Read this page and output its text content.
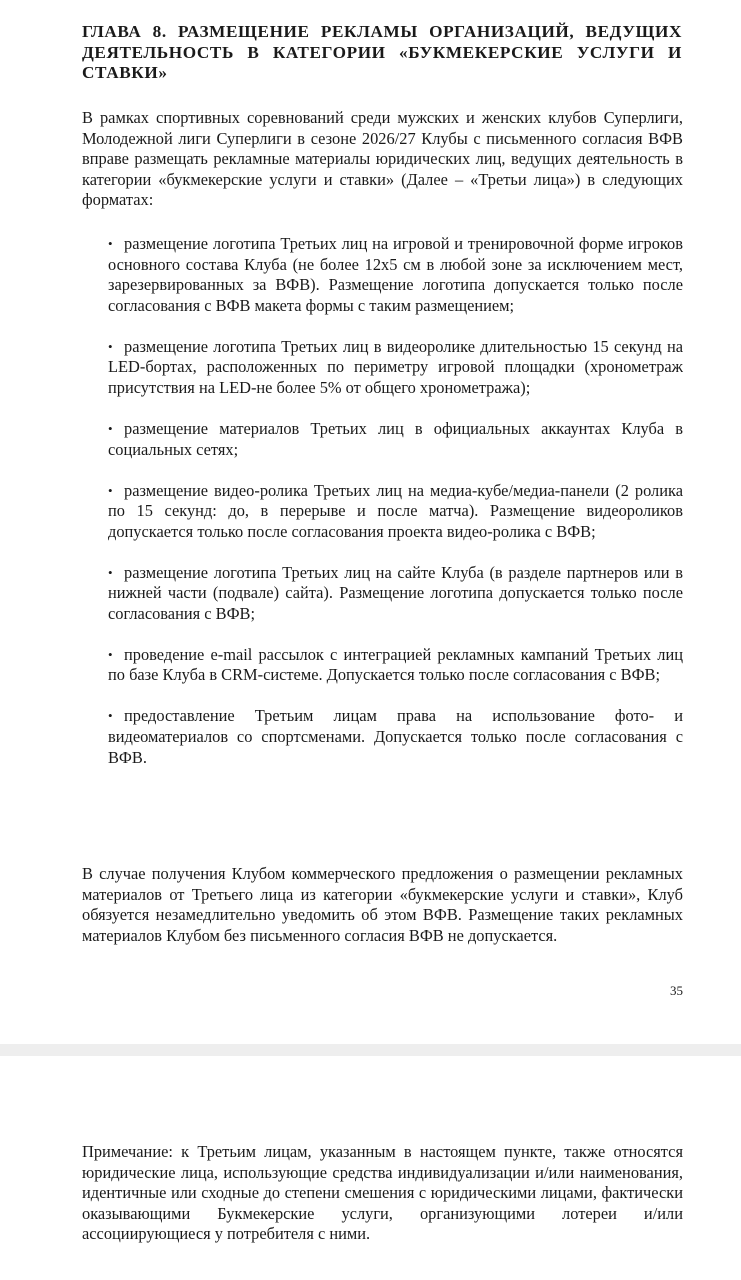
ГЛАВА 8. РАЗМЕЩЕНИЕ РЕКЛАМЫ ОРГАНИЗАЦИЙ, ВЕДУЩИХ ДЕЯТЕЛЬНОСТЬ В КАТЕГОРИИ «БУКМЕКЕРСКИЕ УСЛУГИ И СТАВКИ»

В рамках спортивных соревнований среди мужских и женских клубов Суперлиги, Молодежной лиги Суперлиги в сезоне 2026/27 Клубы с письменного согласия ВФВ вправе размещать рекламные материалы юридических лиц, ведущих деятельность в категории «букмекерские услуги и ставки» (Далее – «Третьи лица») в следующих форматах:

• размещение логотипа Третьих лиц на игровой и тренировочной форме игроков основного состава Клуба (не более 12х5 см в любой зоне за исключением мест, зарезервированных за ВФВ). Размещение логотипа допускается только после согласования с ВФВ макета формы с таким размещением;
• размещение логотипа Третьих лиц в видеоролике длительностью 15 секунд на LED-бортах, расположенных по периметру игровой площадки (хронометраж присутствия на LED-не более 5% от общего хронометража);
• размещение материалов Третьих лиц в официальных аккаунтах Клуба в социальных сетях;
• размещение видео-ролика Третьих лиц на медиа-кубе/медиа-панели (2 ролика по 15 секунд: до, в перерыве и после матча). Размещение видеороликов допускается только после согласования проекта видео-ролика с ВФВ;
• размещение логотипа Третьих лиц на сайте Клуба (в разделе партнеров или в нижней части (подвале) сайта). Размещение логотипа допускается только после согласования с ВФВ;
• проведение e-mail рассылок с интеграцией рекламных кампаний Третьих лиц по базе Клуба в CRM-системе. Допускается только после согласования с ВФВ;
• предоставление Третьим лицам права на использование фото- и видеоматериалов со спортсменами. Допускается только после согласования с ВФВ.

В случае получения Клубом коммерческого предложения о размещении рекламных материалов от Третьего лица из категории «букмекерские услуги и ставки», Клуб обязуется незамедлительно уведомить об этом ВФВ. Размещение таких рекламных материалов Клубом без письменного согласия ВФВ не допускается.

35

Примечание: к Третьим лицам, указанным в настоящем пункте, также относятся юридические лица, использующие средства индивидуализации и/или наименования, идентичные или сходные до степени смешения с юридическими лицами, фактически оказывающими Букмекерские услуги, организующими лотереи и/или ассоциирующиеся у потребителя с ними.
